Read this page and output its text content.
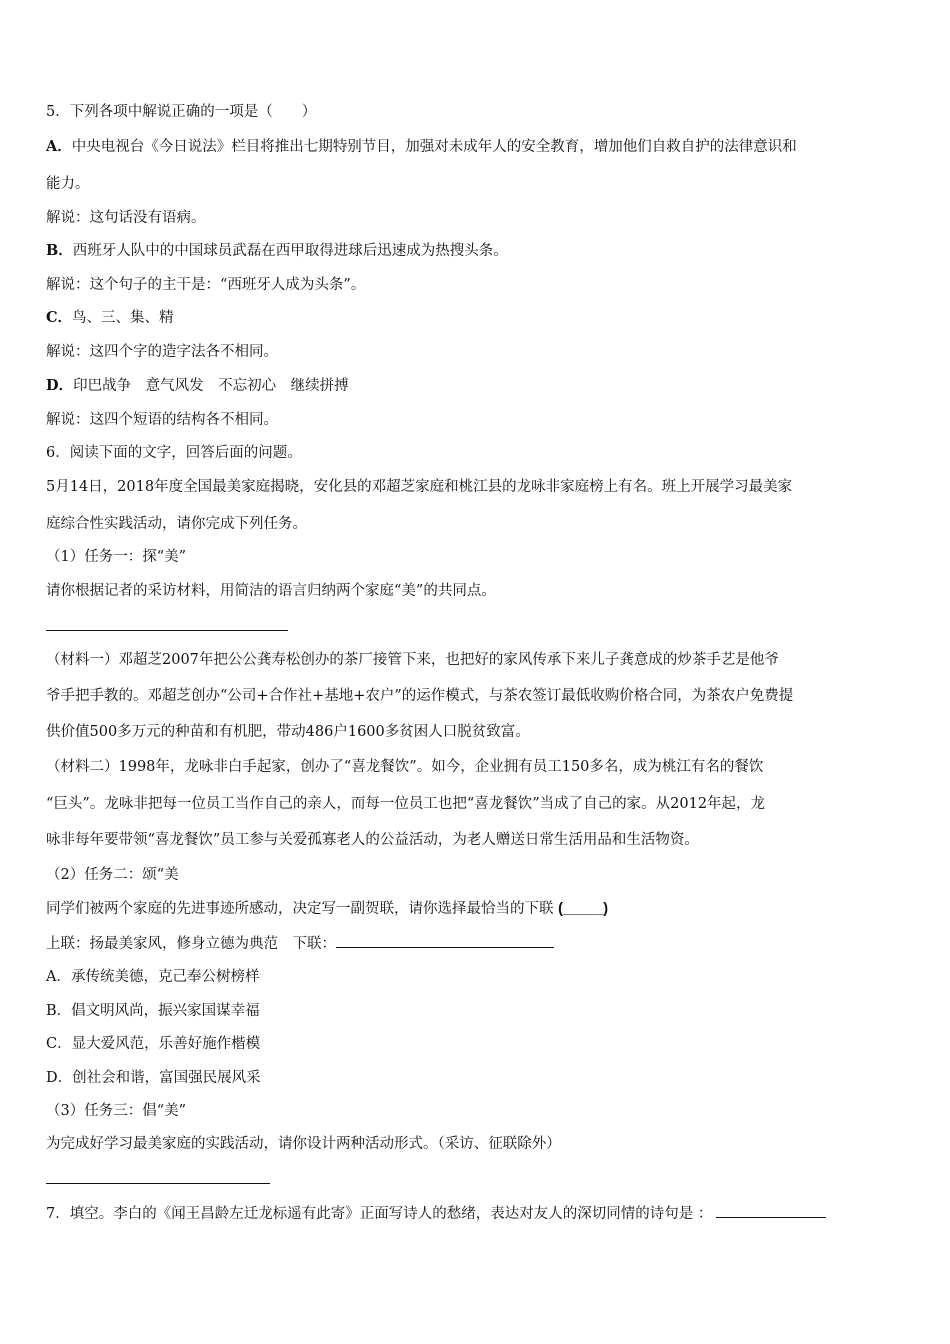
5．下列各项中解说正确的一项是（　　）

A．中央电视台《今日说法》栏目将推出七期特别节目，加强对未成年人的安全教育，增加他们自救自护的法律意识和

能力。

解说：这句话没有语病。

B．西班牙人队中的中国球员武磊在西甲取得进球后迅速成为热搜头条。

解说：这个句子的主干是：“西班牙人成为头条”。

C．鸟、三、集、精

解说：这四个字的造字法各不相同。

D．印巴战争　意气风发　不忘初心　继续拼搏

解说：这四个短语的结构各不相同。

6．阅读下面的文字，回答后面的问题。

5月14日，2018年度全国最美家庭揭晓，安化县的邓超芝家庭和桃江县的龙咏非家庭榜上有名。班上开展学习最美家

庭综合性实践活动，请你完成下列任务。

（1）任务一：探“美”

请你根据记者的采访材料，用简洁的语言归纳两个家庭“美”的共同点。

（材料一）邓超芝2007年把公公龚寿松创办的茶厂接管下来，也把好的家风传承下来儿子龚意成的炒茶手艺是他爷

爷手把手教的。邓超芝创办“公司+合作社+基地+农户”的运作模式，与茶农签订最低收购价格合同，为茶农户免费提

供价值500多万元的种苗和有机肥，带动486户1600多贫困人口脱贫致富。

（材料二）1998年，龙咏非白手起家，创办了“喜龙餐饮”。如今，企业拥有员工150多名，成为桃江有名的餐饮

“巨头”。龙咏非把每一位员工当作自己的亲人，而每一位员工也把“喜龙餐饮”当成了自己的家。从2012年起，龙

咏非每年要带领“喜龙餐饮”员工参与关爱孤寡老人的公益活动，为老人赠送日常生活用品和生活物资。

（2）任务二：颂“美

同学们被两个家庭的先进事迹所感动，决定写一副贺联，请你选择最恰当的下联 (_____)

上联：扬最美家风，修身立德为典范　下联：

A．承传统美德，克己奉公树榜样

B．倡文明风尚，振兴家国谋幸福

C．显大爱风范，乐善好施作楷模

D．创社会和谐，富国强民展风采

（3）任务三：倡“美”

为完成好学习最美家庭的实践活动，请你设计两种活动形式。（采访、征联除外）

7．填空。李白的《闻王昌龄左迁龙标遥有此寄》正面写诗人的愁绪，表达对友人的深切同情的诗句是 ：
